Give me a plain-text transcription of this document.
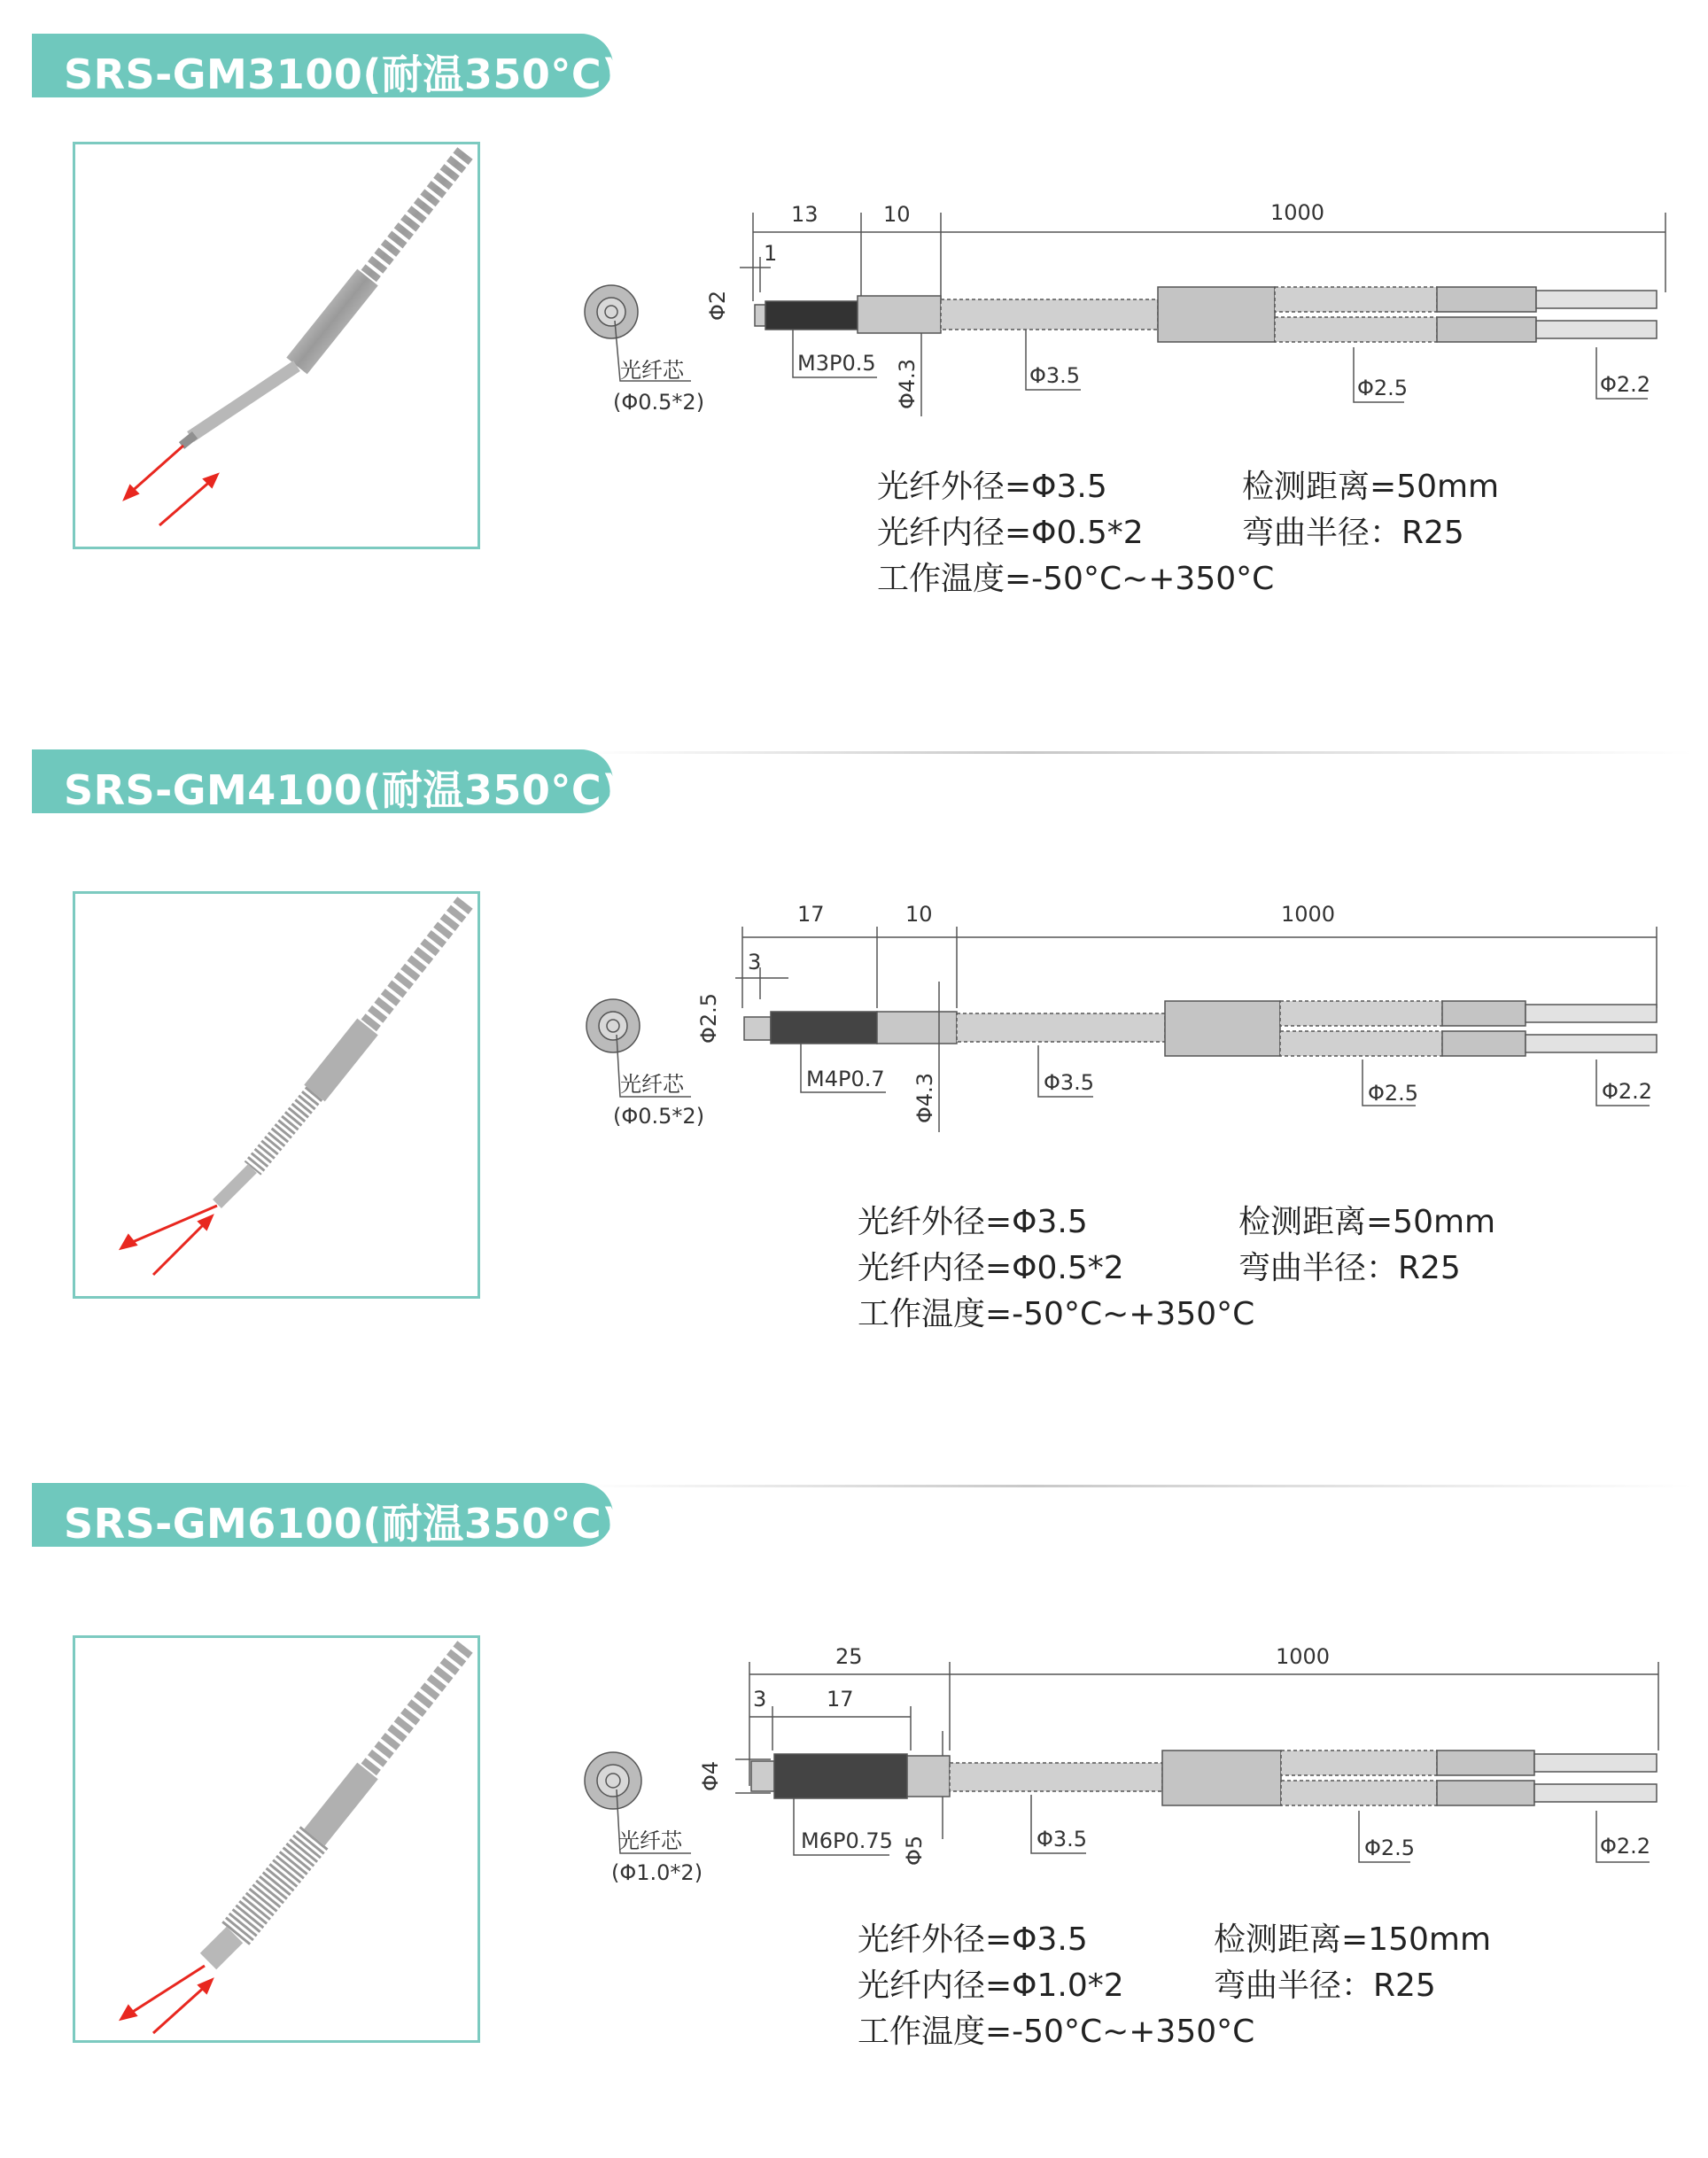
SRS-GM3100(耐温350°C)
13	10	1000
1
Φ2
M3P0.5 Φ4.3	Φ3.5	Φ2.5	Φ2.2
光纤芯
(Φ0.5*2)
光纤外径=Φ3.5
光纤内径=Φ0.5*2
工作温度=-50°C~+350°C
检测距离=50mm
弯曲半径：R25
SRS-GM4100(耐温350°C)
17	10	1000
3
Φ2.5
M4P0.7 Φ4.3	Φ3.5	Φ2.5	Φ2.2
光纤芯
(Φ0.5*2)
光纤外径=Φ3.5
光纤内径=Φ0.5*2
工作温度=-50°C~+350°C
检测距离=50mm
弯曲半径：R25
SRS-GM6100(耐温350°C)
25
17
1000
3
Φ4
M6P0.75 Φ5	Φ3.5	Φ2.5	Φ2.2
光纤芯
(Φ1.0*2)
光纤外径=Φ3.5
光纤内径=Φ1.0*2
工作温度=-50°C~+350°C
检测距离=150mm
弯曲半径：R25
